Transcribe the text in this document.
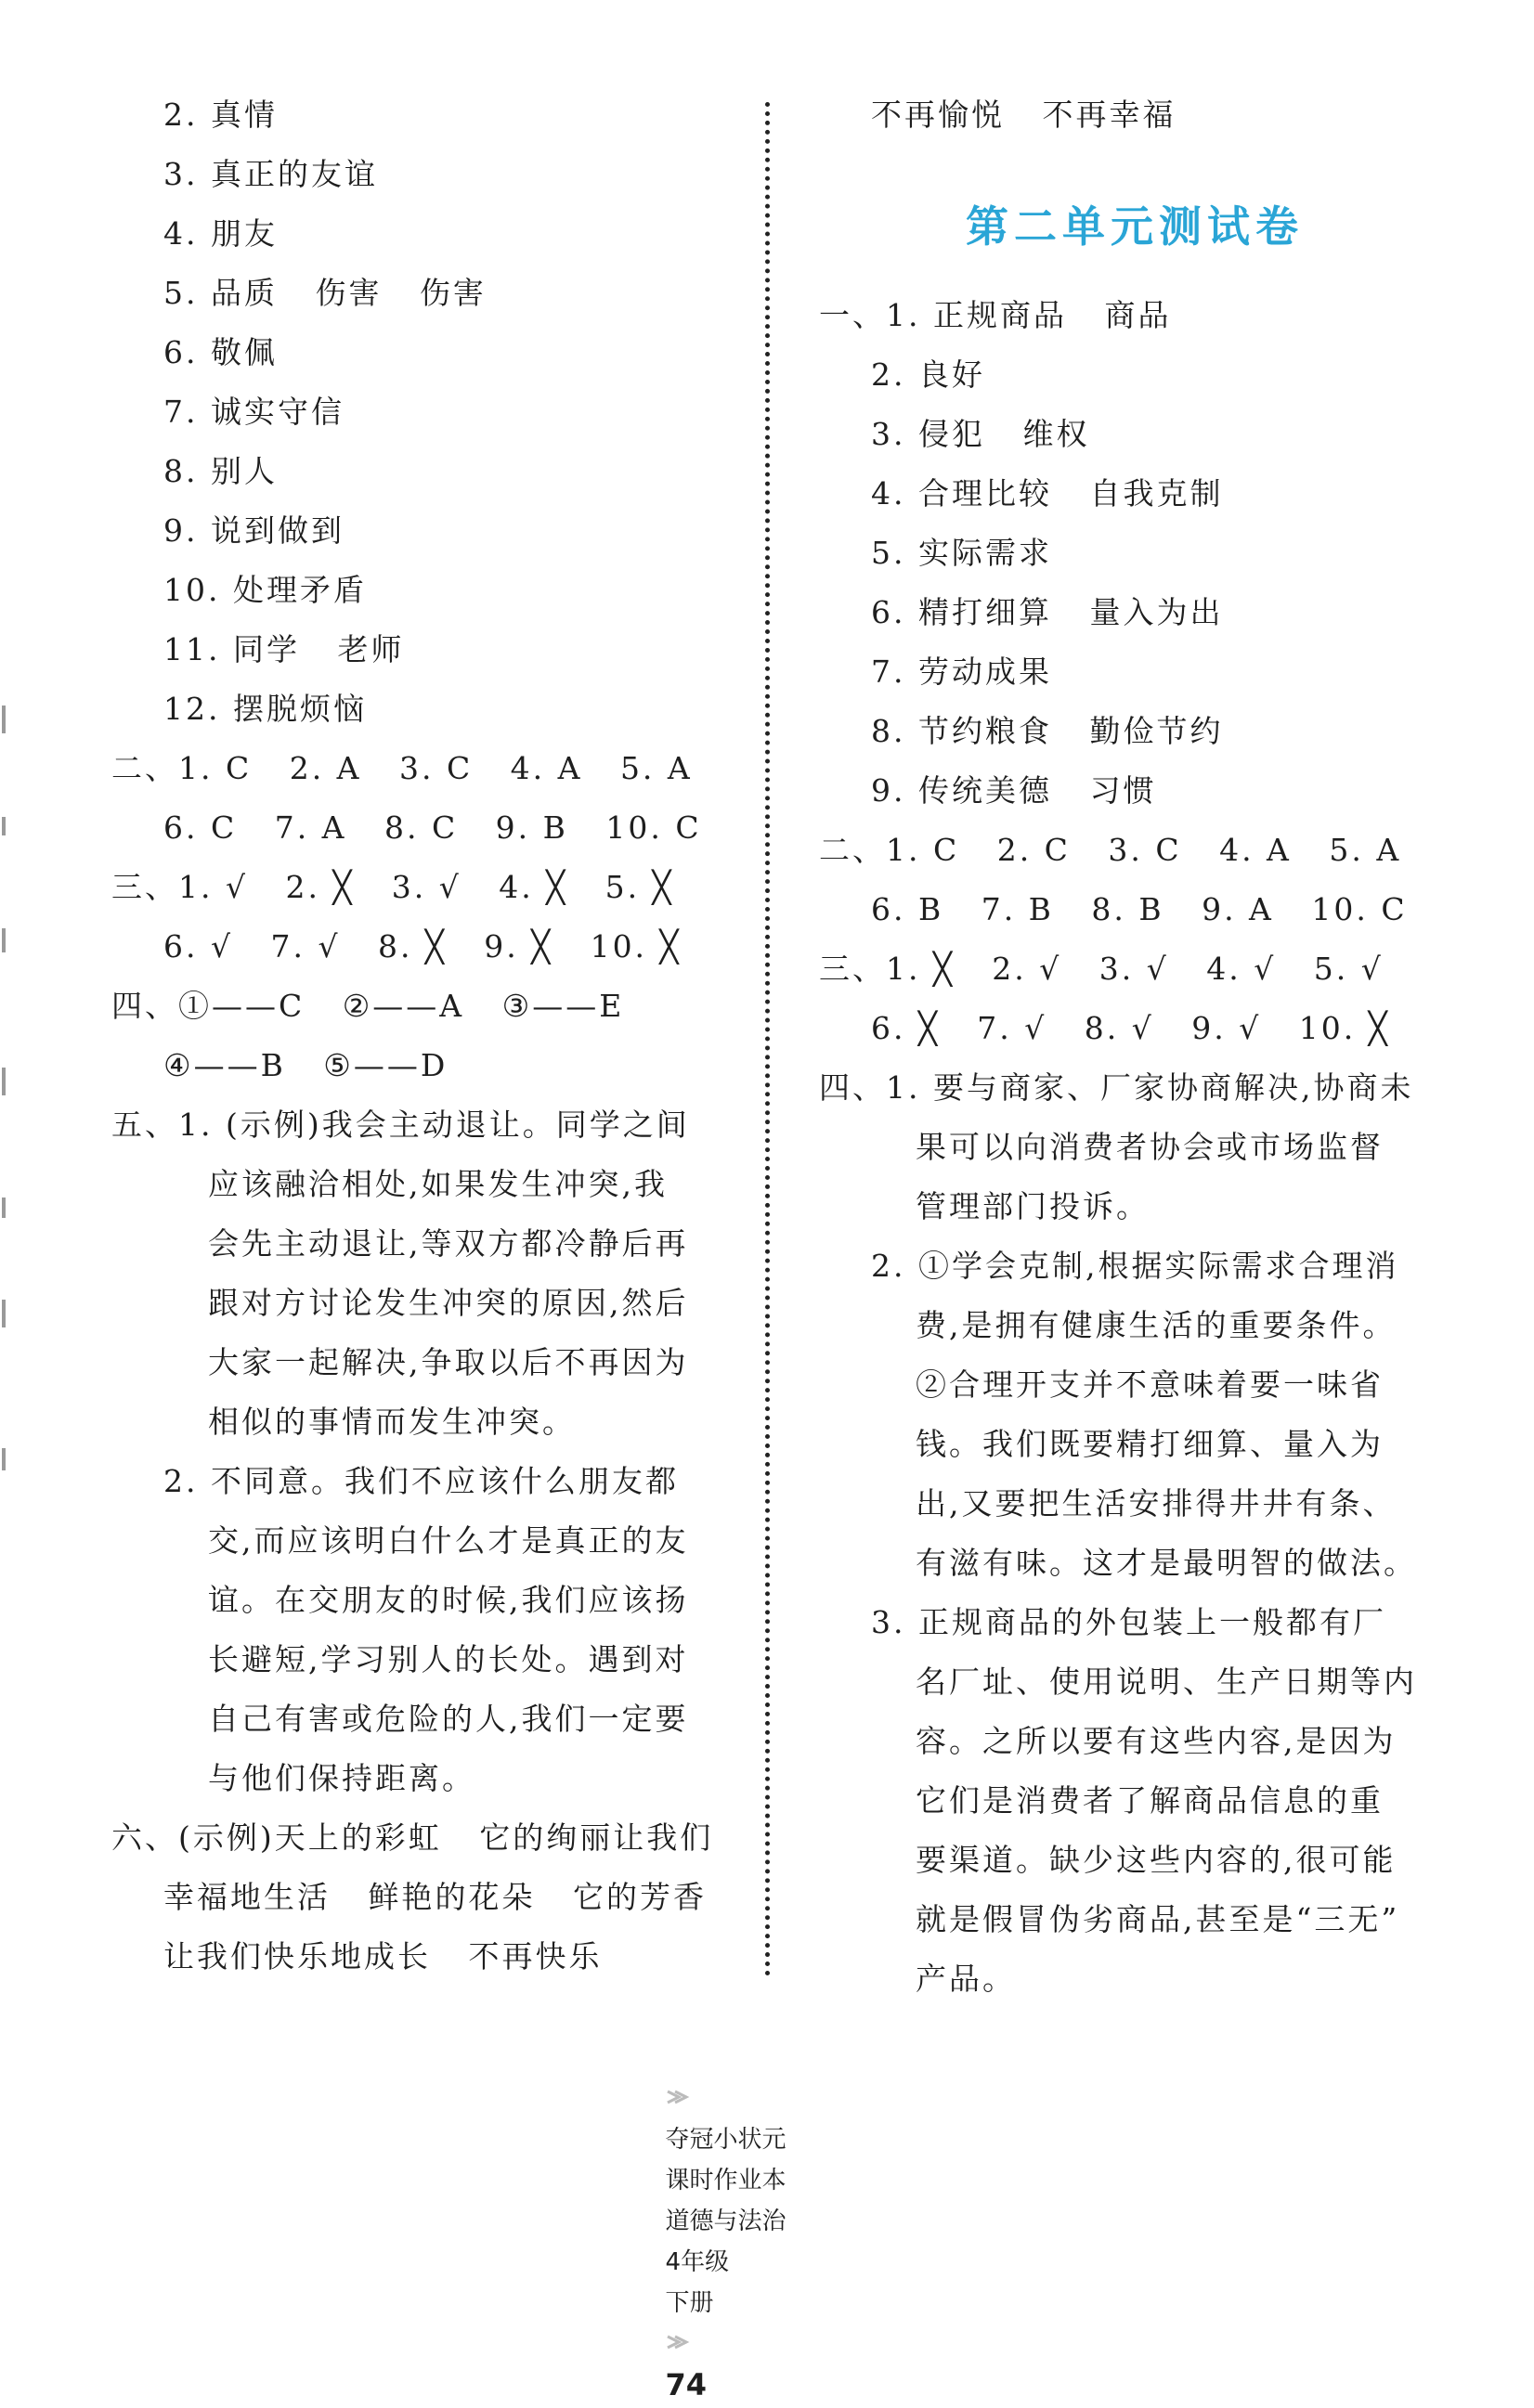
2. 真情
3. 真正的友谊
4. 朋友
5. 品质   伤害   伤害
6. 敬佩
7. 诚实守信
8. 别人
9. 说到做到
10. 处理矛盾
11. 同学   老师
12. 摆脱烦恼
二、1. C   2. A   3. C   4. A   5. A
6. C   7. A   8. C   9. B   10. C
三、1. √   2. ╳   3. √   4. ╳   5. ╳
6. √   7. √   8. ╳   9. ╳   10. ╳
四、①——C   ②——A   ③——E
④——B   ⑤——D
五、1. (示例)我会主动退让。同学之间
应该融洽相处,如果发生冲突,我
会先主动退让,等双方都冷静后再
跟对方讨论发生冲突的原因,然后
大家一起解决,争取以后不再因为
相似的事情而发生冲突。
2. 不同意。我们不应该什么朋友都
交,而应该明白什么才是真正的友
谊。在交朋友的时候,我们应该扬
长避短,学习别人的长处。遇到对
自己有害或危险的人,我们一定要
与他们保持距离。
六、(示例)天上的彩虹   它的绚丽让我们
幸福地生活   鲜艳的花朵   它的芳香
让我们快乐地成长   不再快乐
不再愉悦   不再幸福
一、1. 正规商品   商品
2. 良好
3. 侵犯   维权
4. 合理比较   自我克制
5. 实际需求
6. 精打细算   量入为出
7. 劳动成果
8. 节约粮食   勤俭节约
9. 传统美德   习惯
二、1. C   2. C   3. C   4. A   5. A
6. B   7. B   8. B   9. A   10. C
三、1. ╳   2. √   3. √   4. √   5. √
6. ╳   7. √   8. √   9. √   10. ╳
四、1. 要与商家、厂家协商解决,协商未
果可以向消费者协会或市场监督
管理部门投诉。
2. ①学会克制,根据实际需求合理消
费,是拥有健康生活的重要条件。
②合理开支并不意味着要一味省
钱。我们既要精打细算、量入为
出,又要把生活安排得井井有条、
有滋有味。这才是最明智的做法。
3. 正规商品的外包装上一般都有厂
名厂址、使用说明、生产日期等内
容。之所以要有这些内容,是因为
它们是消费者了解商品信息的重
要渠道。缺少这些内容的,很可能
就是假冒伪劣商品,甚至是“三无”
产品。
第二单元测试卷

夺冠小状元
课时作业本
道德与法治
4年级
下册

74
